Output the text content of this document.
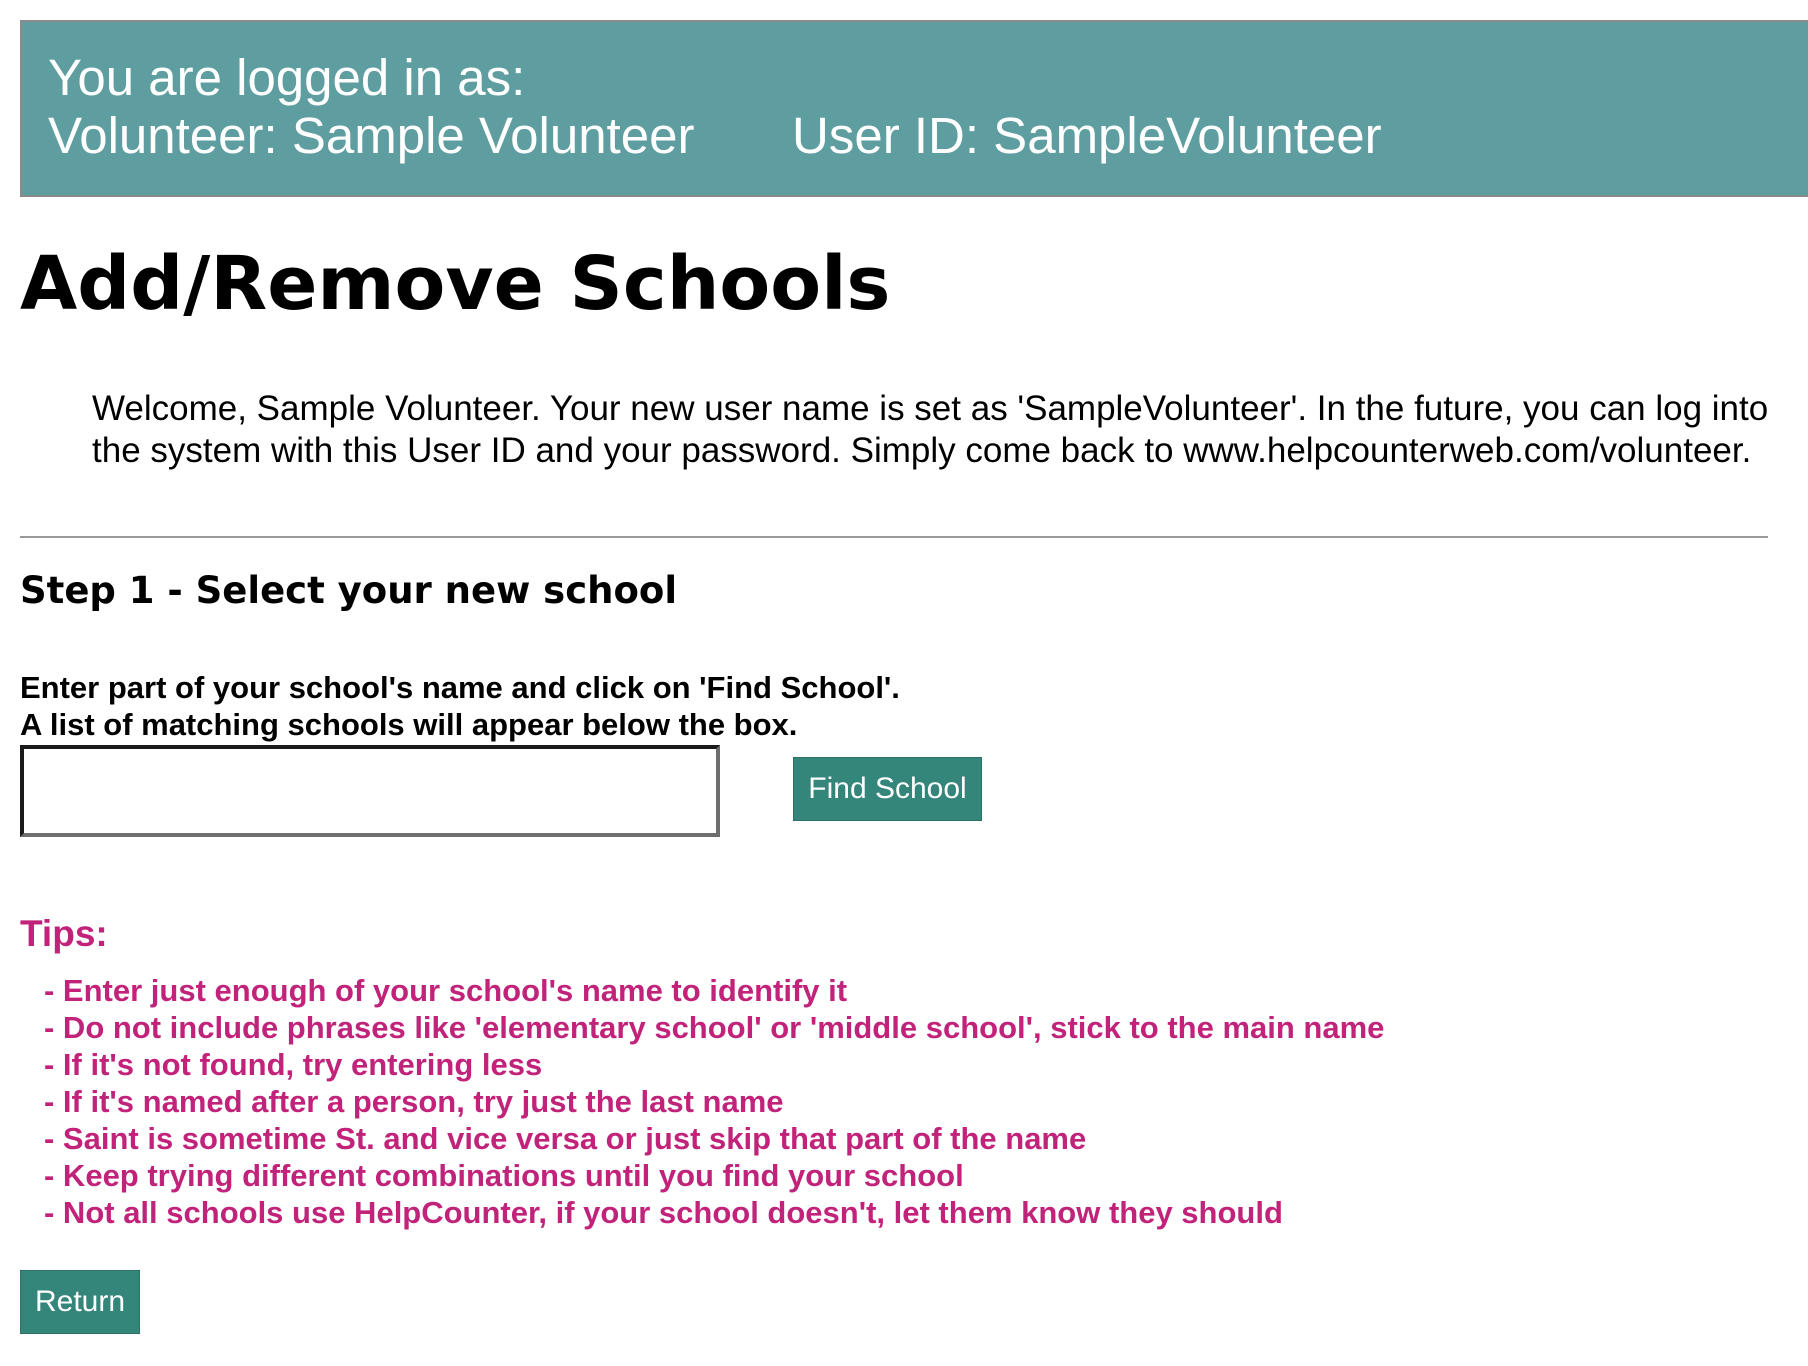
You are logged in as:
Volunteer: Sample Volunteer	User ID: SampleVolunteer
Add/Remove Schools

Welcome, Sample Volunteer. Your new user name is set as 'SampleVolunteer'. In the future, you can log into the system with this User ID and your password. Simply come back to www.helpcounterweb.com/volunteer.

Step 1 - Select your new school
Enter part of your school's name and click on 'Find School'.
A list of matching schools will appear below the box.
Find School
Tips:
- Enter just enough of your school's name to identify it
- Do not include phrases like 'elementary school' or 'middle school', stick to the main name
- If it's not found, try entering less
- If it's named after a person, try just the last name
- Saint is sometime St. and vice versa or just skip that part of the name
- Keep trying different combinations until you find your school
- Not all schools use HelpCounter, if your school doesn't, let them know they should
Return
